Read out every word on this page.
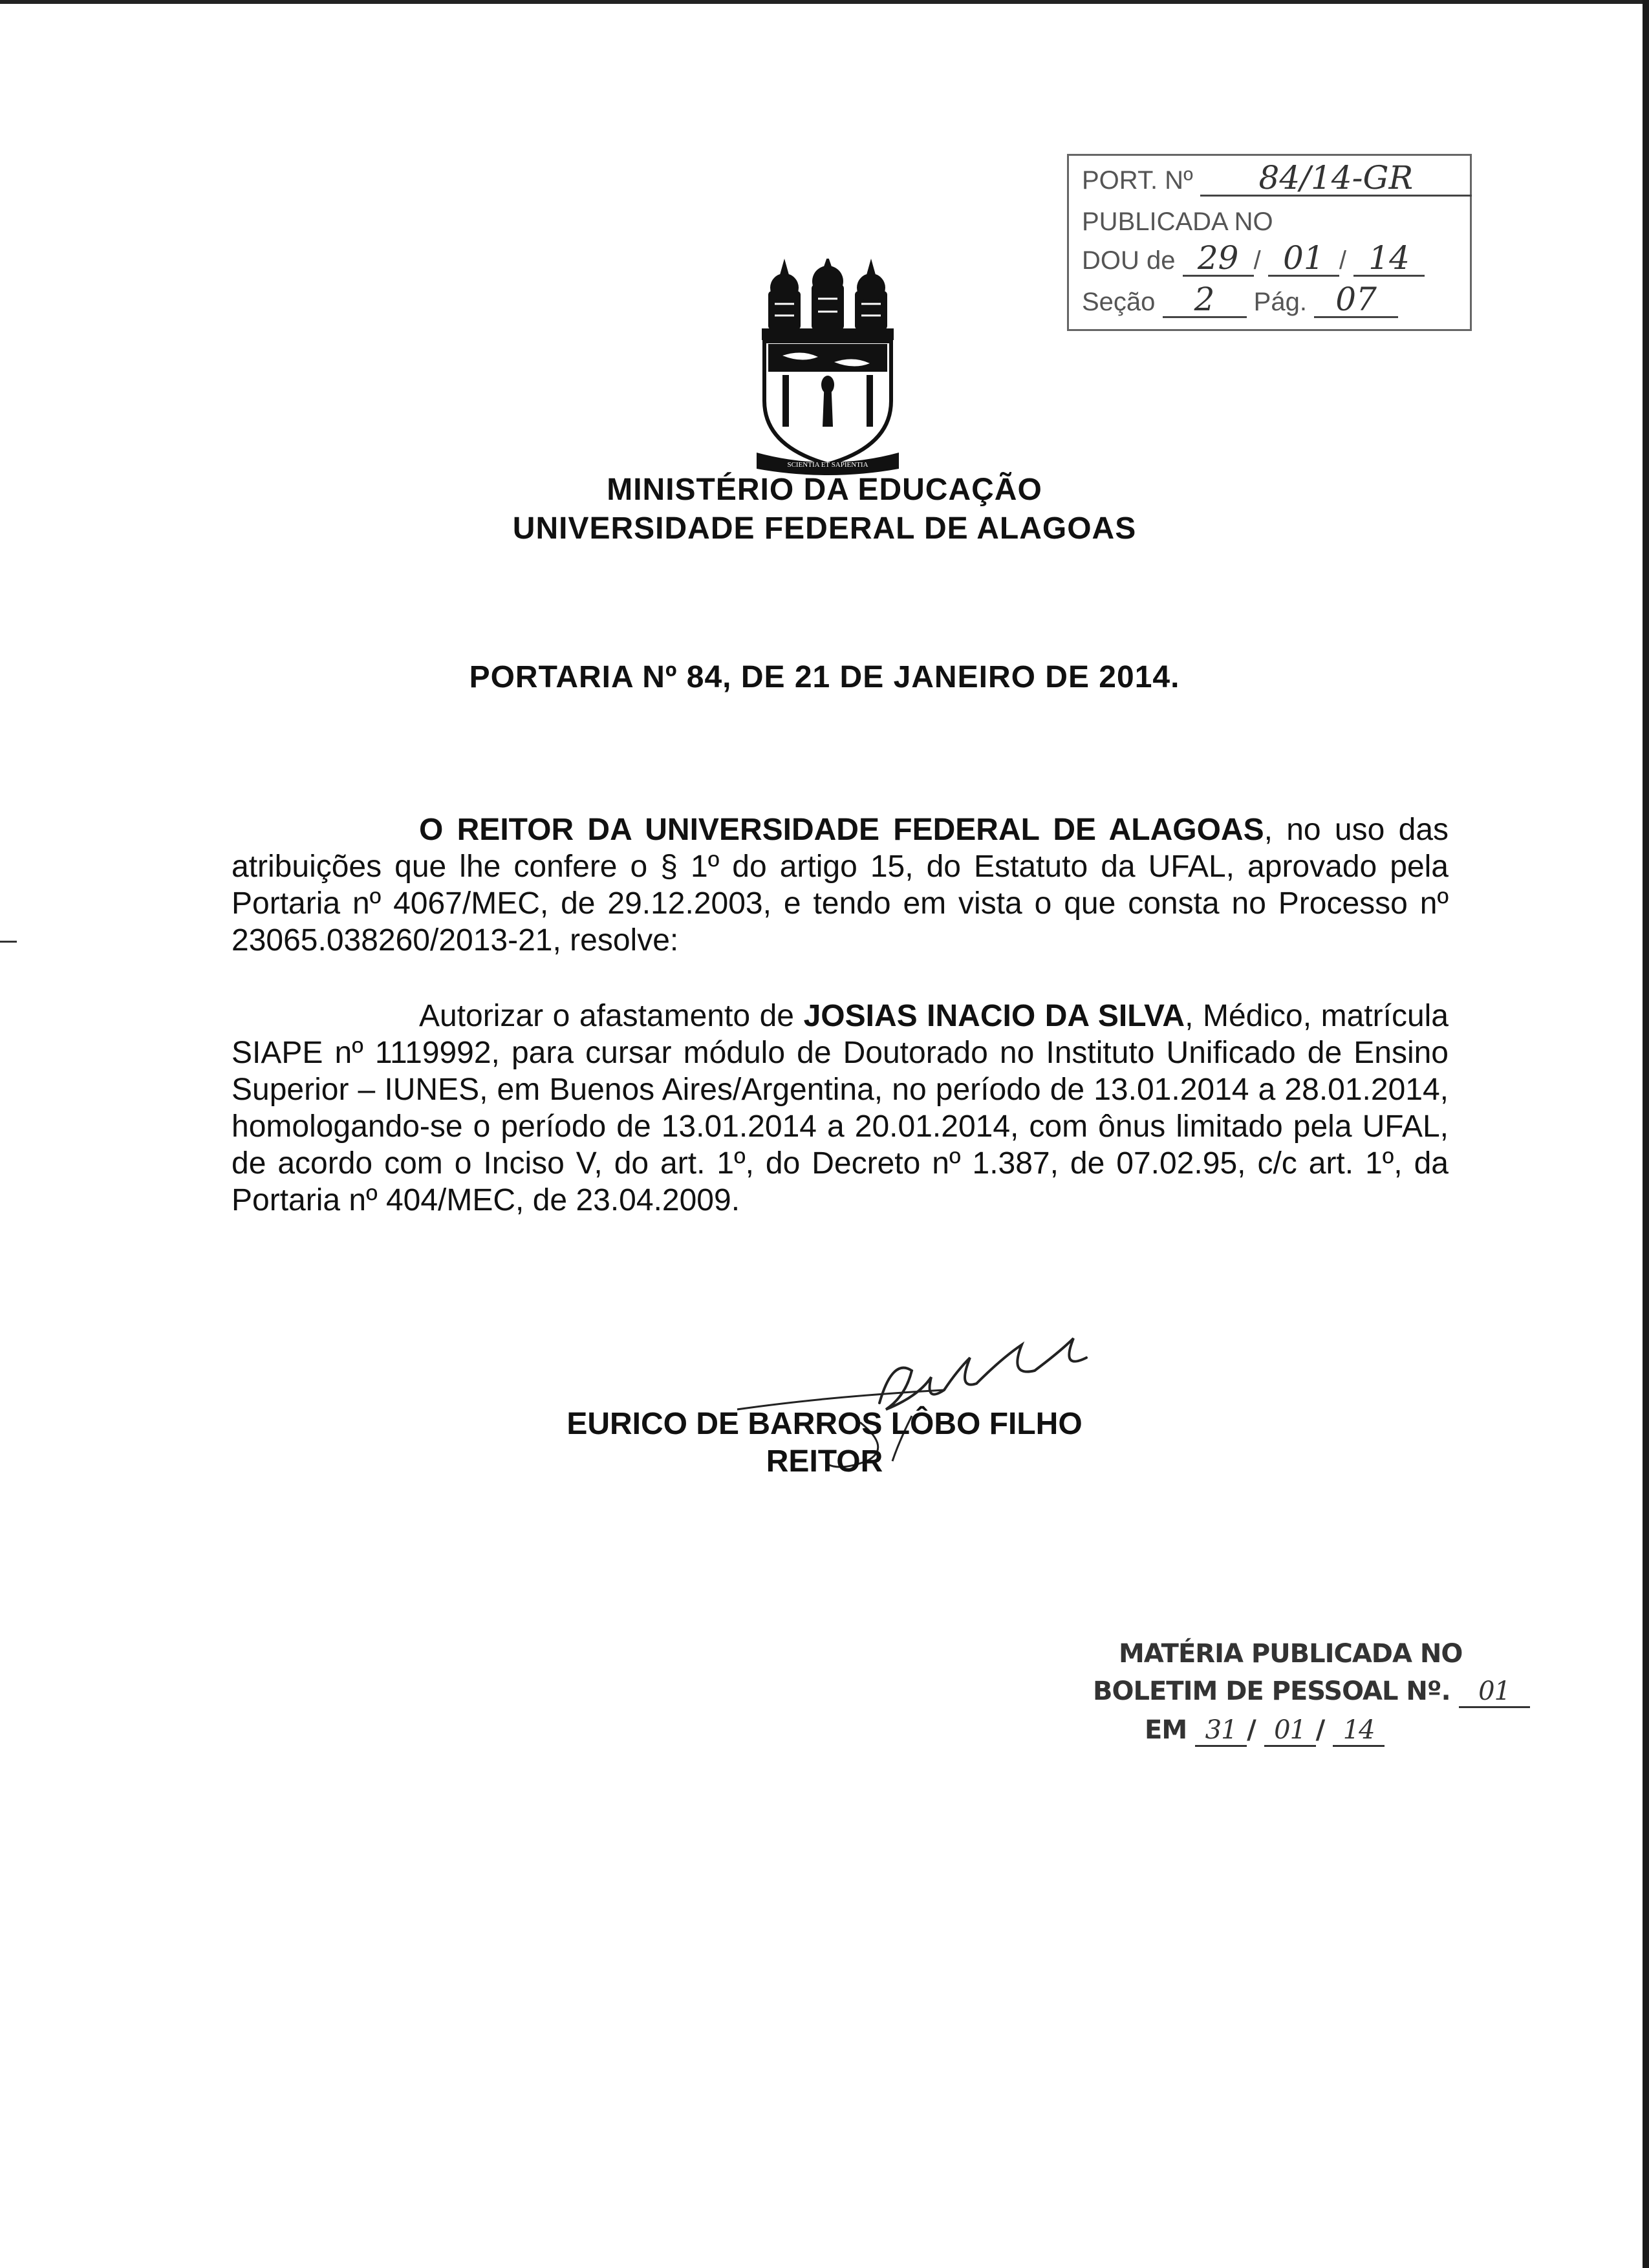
PORT. Nº 84/14-GR
PUBLICADA NO
DOU de 29 / 01 / 14
Seção 2 Pág. 07
SCIENTIA ET SAPIENTIA
MINISTÉRIO DA EDUCAÇÃO
UNIVERSIDADE FEDERAL DE ALAGOAS
PORTARIA Nº 84, DE 21 DE JANEIRO DE 2014.
O REITOR DA UNIVERSIDADE FEDERAL DE ALAGOAS, no uso das atribuições que lhe confere o § 1º do artigo 15, do Estatuto da UFAL, aprovado pela Portaria nº 4067/MEC, de 29.12.2003, e tendo em vista o que consta no Processo nº 23065.038260/2013-21, resolve:
Autorizar o afastamento de JOSIAS INACIO DA SILVA, Médico, matrícula SIAPE nº 1119992, para cursar módulo de Doutorado no Instituto Unificado de Ensino Superior – IUNES, em Buenos Aires/Argentina, no período de 13.01.2014 a 28.01.2014, homologando-se o período de 13.01.2014 a 20.01.2014, com ônus limitado pela UFAL, de acordo com o Inciso V, do art. 1º, do Decreto nº 1.387, de 07.02.95, c/c art. 1º, da Portaria nº 404/MEC, de 23.04.2009.
EURICO DE BARROS LÔBO FILHO
REITOR
MATÉRIA PUBLICADA NO
BOLETIM DE PESSOAL Nº. 01
EM 31 / 01 / 14
